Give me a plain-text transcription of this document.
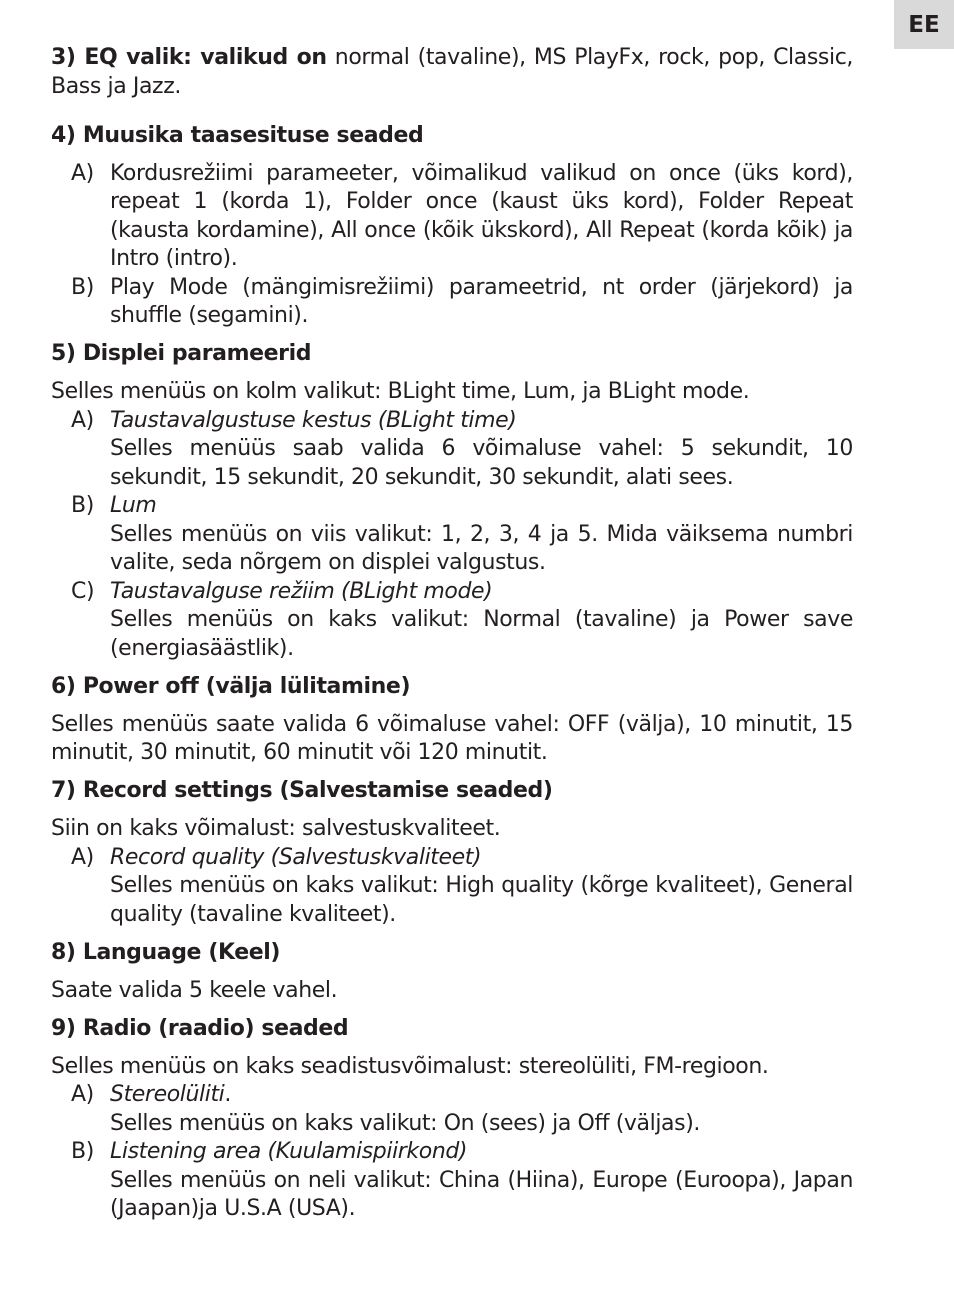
EE

3) EQ valik: valikud on normal (tavaline), MS PlayFx, rock, pop, Classic, Bass ja Jazz.

4) Muusika taasesituse seaded

A) Kordusrežiimi parameeter, võimalikud valikud on once (üks kord), repeat 1 (korda 1), Folder once (kaust üks kord), Folder Repeat (kausta kordamine), All once (kõik ükskord), All Repeat (korda kõik) ja Intro (intro).
B) Play Mode (mängimisrežiimi) parameetrid, nt order (järjekord) ja shuffle (segamini).

5) Displei parameerid

Selles menüüs on kolm valikut: BLight time, Lum, ja BLight mode.

A) Taustavalgustuse kestus (BLight time)
Selles menüüs saab valida 6 võimaluse vahel: 5 sekundit, 10 sekundit, 15 sekundit, 20 sekundit, 30 sekundit, alati sees.
B) Lum
Selles menüüs on viis valikut: 1, 2, 3, 4 ja 5. Mida väiksema numbri valite, seda nõrgem on displei valgustus.
C) Taustavalguse režiim (BLight mode)
Selles menüüs on kaks valikut: Normal (tavaline) ja Power save (energiasäästlik).

6) Power off (välja lülitamine)

Selles menüüs saate valida 6 võimaluse vahel: OFF (välja), 10 minutit, 15 minutit, 30 minutit, 60 minutit või 120 minutit.

7) Record settings (Salvestamise seaded)

Siin on kaks võimalust: salvestuskvaliteet.

A) Record quality (Salvestuskvaliteet)
Selles menüüs on kaks valikut: High quality (kõrge kvaliteet), General quality (tavaline kvaliteet).

8) Language (Keel)

Saate valida 5 keele vahel.

9) Radio (raadio) seaded

Selles menüüs on kaks seadistusvõimalust: stereolüliti, FM-regioon.

A) Stereolüliti.
Selles menüüs on kaks valikut: On (sees) ja Off (väljas).
B) Listening area (Kuulamispiirkond)
Selles menüüs on neli valikut: China (Hiina), Europe (Euroopa), Japan (Jaapan)ja U.S.A (USA).
